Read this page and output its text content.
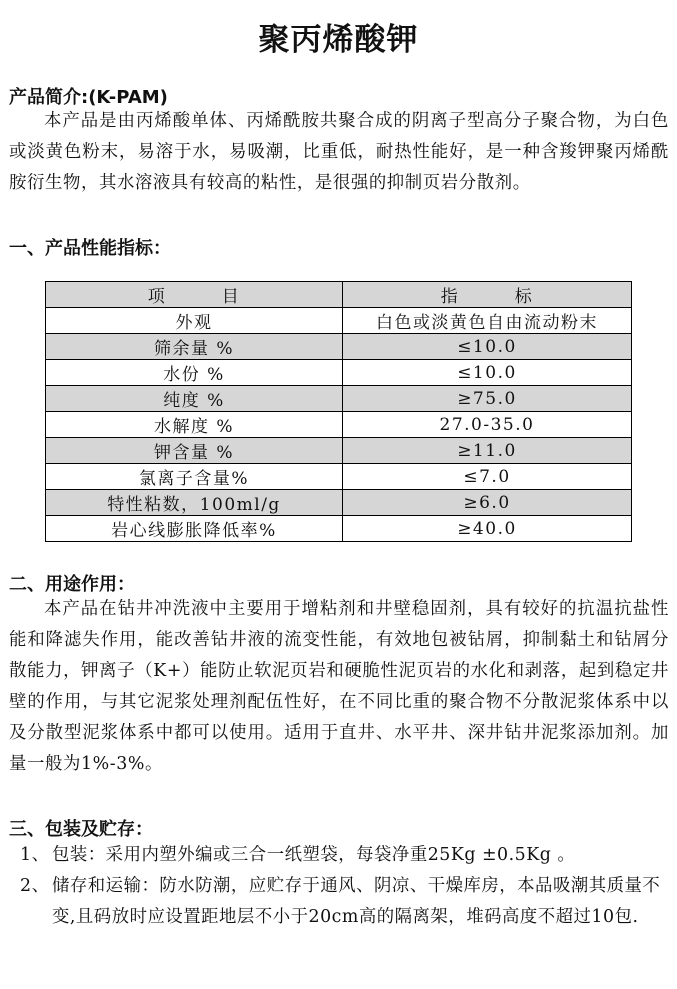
聚丙烯酸钾
产品简介:(K-PAM)

本产品是由丙烯酸单体、丙烯酰胺共聚合成的阴离子型高分子聚合物，为白色或淡黄色粉末，易溶于水，易吸潮，比重低，耐热性能好，是一种含羧钾聚丙烯酰胺衍生物，其水溶液具有较高的粘性，是很强的抑制页岩分散剂。

一、产品性能指标：
项　　　目	指　　　标
外观	白色或淡黄色自由流动粉末
筛余量 %	≤10.0
水份 %	≤10.0
纯度 %	≥75.0
水解度 %	27.0-35.0
钾含量 %	≥11.0
氯离子含量%	≤7.0
特性粘数，100ml/g	≥6.0
岩心线膨胀降低率%	≥40.0
二、用途作用：

本产品在钻井冲洗液中主要用于增粘剂和井壁稳固剂，具有较好的抗温抗盐性能和降滤失作用，能改善钻井液的流变性能，有效地包被钻屑，抑制黏土和钻屑分散能力，钾离子（K+）能防止软泥页岩和硬脆性泥页岩的水化和剥落，起到稳定井壁的作用，与其它泥浆处理剂配伍性好，在不同比重的聚合物不分散泥浆体系中以及分散型泥浆体系中都可以使用。适用于直井、水平井、深井钻井泥浆添加剂。加量一般为1%-3%。

三、包装及贮存：
1、 包装：采用内塑外编或三合一纸塑袋，每袋净重25Kg ±0.5Kg 。
2、 储存和运输：防水防潮，应贮存于通风、阴凉、干燥库房，本品吸潮其质量不变,且码放时应设置距地层不小于20cm高的隔离架，堆码高度不超过10包.
